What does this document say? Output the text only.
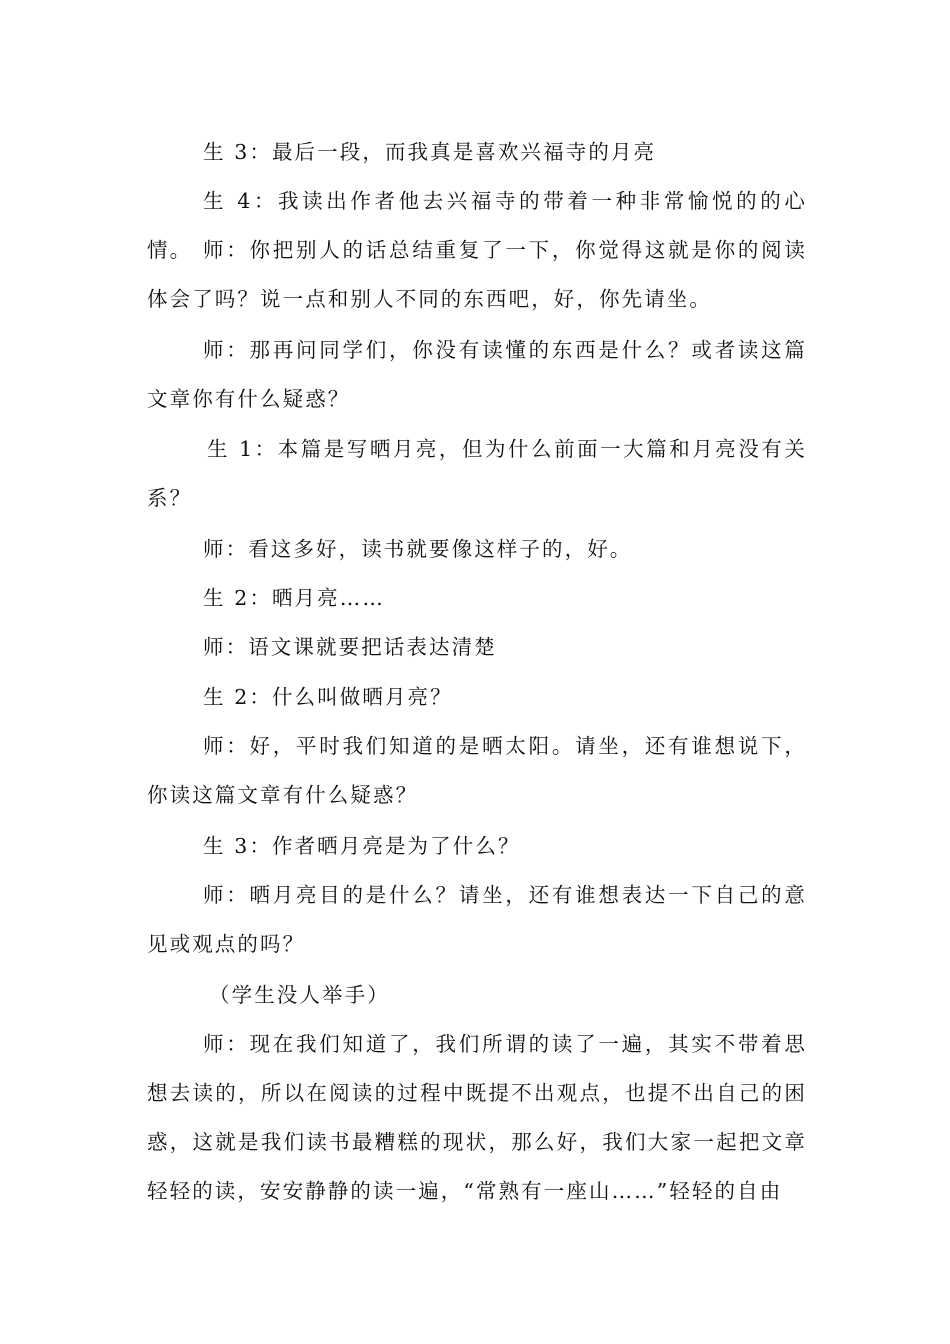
生 3：最后一段，而我真是喜欢兴福寺的月亮

生 4：我读出作者他去兴福寺的带着一种非常愉悦的的心情。 师：你把别人的话总结重复了一下，你觉得这就是你的阅读体会了吗？说一点和别人不同的东西吧，好，你先请坐。

师：那再问同学们，你没有读懂的东西是什么？或者读这篇文章你有什么疑惑？

生 1：本篇是写晒月亮，但为什么前面一大篇和月亮没有关系？

师：看这多好，读书就要像这样子的，好。

生 2：晒月亮……

师：语文课就要把话表达清楚

生 2：什么叫做晒月亮？

师：好，平时我们知道的是晒太阳。请坐，还有谁想说下，你读这篇文章有什么疑惑？

生 3：作者晒月亮是为了什么？

师：晒月亮目的是什么？请坐，还有谁想表达一下自己的意见或观点的吗？

（学生没人举手）

师：现在我们知道了，我们所谓的读了一遍，其实不带着思想去读的，所以在阅读的过程中既提不出观点，也提不出自己的困惑，这就是我们读书最糟糕的现状，那么好，我们大家一起把文章轻轻的读，安安静静的读一遍，“常熟有一座山……”轻轻的自由
